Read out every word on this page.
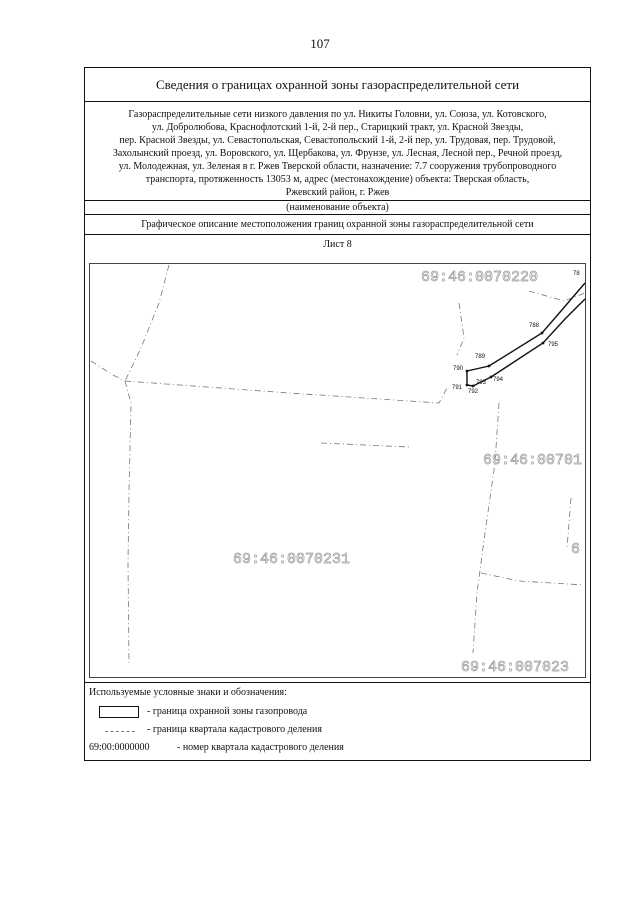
107
Сведения о границах охранной зоны газораспределительной сети
Газораспределительные сети низкого давления по ул. Никиты Головни, ул. Союза, ул. Котовского,
ул. Добролюбова, Краснофлотский 1-й, 2-й пер., Старицкий тракт, ул. Красной Звезды,
пер. Красной Звезды, ул. Севастопольская, Севастопольский 1-й, 2-й пер, ул. Трудовая, пер. Трудовой,
Захолынский проезд, ул. Воровского, ул. Щербакова, ул. Фрунзе, ул. Лесная, Лесной пер., Речной проезд,
ул. Молодежная, ул. Зеленая в г. Ржев Тверской области, назначение: 7.7 сооружения трубопроводного
транспорта, протяженность 13053 м, адрес (местонахождение) объекта: Тверская область,
Ржевский район, г. Ржев
(наименование объекта)
Графическое описание местоположения границ охранной зоны газораспределительной сети
Лист 8
788
789
790
791
792
793 794
795
78
69:46:0070220
69:46:00701
69:46:0070231
69:46:007023
6
Используемые условные знаки и обозначения:
- граница охранной зоны газопровода
- граница квартала кадастрового деления
69:00:0000000	- номер квартала кадастрового деления
